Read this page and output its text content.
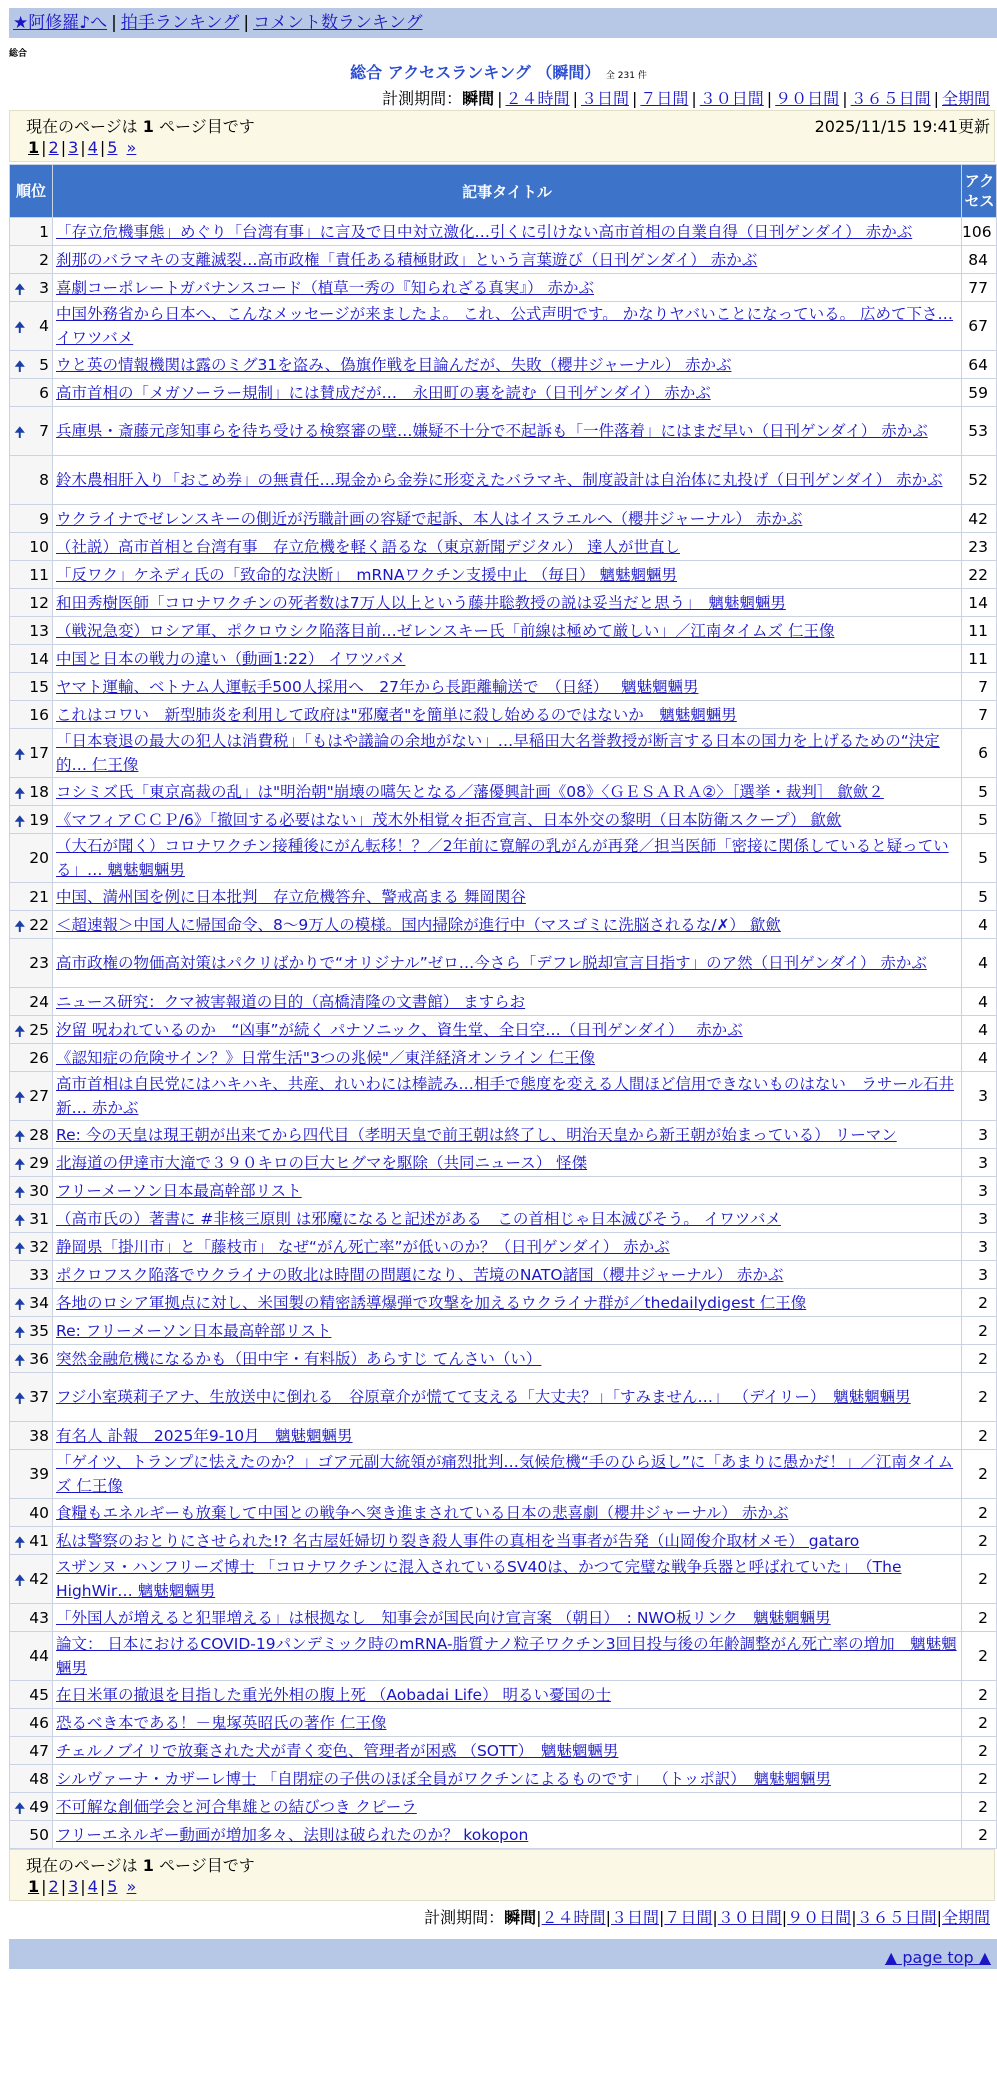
★阿修羅♪へ | 拍手ランキング | コメント数ランキング
総合
総合 アクセスランキング （瞬間） 全 231 件
計測期間：瞬間 | ２４時間 | ３日間 | ７日間 | ３０日間 | ９０日間 | ３６５日間 | 全期間
現在のページは 1 ページ目です	2025/11/15 19:41更新
1 | 2 | 3 | 4 | 5 »
順位	記事タイトル	アクセス
1	「存立危機事態」めぐり「台湾有事」に言及で日中対立激化…引くに引けない高市首相の自業自得（日刊ゲンダイ） 赤かぶ	106
2	刹那のバラマキの支離滅裂…高市政権「責任ある積極財政」という言葉遊び（日刊ゲンダイ） 赤かぶ	84

🠉 3	喜劇コーポレートガバナンスコード（植草一秀の『知られざる真実』） 赤かぶ	77

🠉 4	中国外務省から日本へ、こんなメッセージが来ましたよ。 これ、公式声明です。 かなりヤバいことになっている。 広めて下さ… イワツバメ	67

🠉 5	ウと英の情報機関は露のミグ31を盗み、偽旗作戦を目論んだが、失敗（櫻井ジャーナル） 赤かぶ	64
6	高市首相の「メガソーラー規制」には賛成だが…　永田町の裏を読む（日刊ゲンダイ） 赤かぶ	59

🠉 7	兵庫県・斎藤元彦知事らを待ち受ける検察審の壁…嫌疑不十分で不起訴も「一件落着」にはまだ早い（日刊ゲンダイ） 赤かぶ	53
8	鈴木農相肝入り「おこめ券」の無責任…現金から金券に形変えたバラマキ、制度設計は自治体に丸投げ（日刊ゲンダイ） 赤かぶ	52
9	ウクライナでゼレンスキーの側近が汚職計画の容疑で起訴、本人はイスラエルへ（櫻井ジャーナル） 赤かぶ	42
10	（社説）高市首相と台湾有事　存立危機を軽く語るな（東京新聞デジタル） 達人が世直し	23
11	「反ワク」ケネディ氏の「致命的な決断」　mRNAワクチン支援中止 （毎日） 魑魅魍魎男	22
12	和田秀樹医師「コロナワクチンの死者数は7万人以上という藤井聡教授の説は妥当だと思う」　魑魅魍魎男	14
13	（戦況急変）ロシア軍、ポクロウシク陥落目前…ゼレンスキー氏「前線は極めて厳しい」／江南タイムズ 仁王像	11
14	中国と日本の戦力の違い（動画1:22） イワツバメ	11
15	ヤマト運輸、ベトナム人運転手500人採用へ　27年から長距離輸送で　（日経）　 魑魅魍魎男	7
16	これはコワい　新型肺炎を利用して政府は"邪魔者"を簡単に殺し始めるのではないか　魑魅魍魎男	7

🠉 17	「日本衰退の最大の犯人は消費税」「もはや議論の余地がない」…早稲田大名誉教授が断言する日本の国力を上げるための“決定的… 仁王像	6

🠉 18	コシミズ氏「東京高裁の乱」は"明治朝"崩壊の嚆矢となる／藩優興計画《08》〈ＧＥＳＡＲＡ②〉［選挙・裁判］ 歙歛２	5

🠉 19	《マフィアＣＣＰ/6》「撤回する必要はない」茂木外相覚々拒否宣言、日本外交の黎明（日本防衛スクープ） 歙歛	5
20	（大石が聞く）コロナワクチン接種後にがん転移！？／2年前に寛解の乳がんが再発／担当医師「密接に関係していると疑っている」… 魑魅魍魎男	5
21	中国、満州国を例に日本批判　存立危機答弁、警戒高まる 舞岡関谷	5

🠉 22	＜超速報＞中国人に帰国命令、8〜9万人の模様。国内掃除が進行中（マスゴミに洗脳されるな/✗） 歙歛	4
23	高市政権の物価高対策はパクリばかりで“オリジナル”ゼロ…今さら「デフレ脱却宣言目指す」のア然（日刊ゲンダイ） 赤かぶ	4
24	ニュース研究：クマ被害報道の目的（高橋清隆の文書館） ますらお	4

🠉 25	汐留 呪われているのか　“凶事”が続く パナソニック、資生堂、全日空…（日刊ゲンダイ）　 赤かぶ	4
26	《認知症の危険サイン？》日常生活"3つの兆候"／東洋経済オンライン 仁王像	4

🠉 27	高市首相は自民党にはハキハキ、共産、れいわには棒読み…相手で態度を変える人間ほど信用できないものはない　ラサール石井 新… 赤かぶ	3

🠉 28	Re: 今の天皇は現王朝が出来てから四代目（孝明天皇で前王朝は終了し、明治天皇から新王朝が始まっている） リーマン	3

🠉 29	北海道の伊達市大滝で３９０キロの巨大ヒグマを駆除（共同ニュース） 怪傑	3

🠉 30	フリーメーソン日本最高幹部リスト	3

🠉 31	（高市氏の）著書に #非核三原則 は邪魔になると記述がある　この首相じゃ日本滅びそう。 イワツバメ	3

🠉 32	静岡県「掛川市」と「藤枝市」 なぜ“がん死亡率”が低いのか？（日刊ゲンダイ） 赤かぶ	3
33	ポクロフスク陥落でウクライナの敗北は時間の問題になり、苦境のNATO諸国（櫻井ジャーナル） 赤かぶ	3

🠉 34	各地のロシア軍拠点に対し、米国製の精密誘導爆弾で攻撃を加えるウクライナ群が／thedailydigest 仁王像	2

🠉 35	Re: フリーメーソン日本最高幹部リスト	2

🠉 36	突然金融危機になるかも（田中宇・有料版）あらすじ てんさい（い）	2

🠉 37	フジ小室瑛莉子アナ、生放送中に倒れる　谷原章介が慌てて支える「大丈夫？」「すみません…」 （デイリー）　魑魅魍魎男	2
38	有名人 訃報　2025年9-10月　魑魅魍魎男	2
39	「ゲイツ、トランプに怯えたのか？」ゴア元副大統領が痛烈批判…気候危機“手のひら返し”に「あまりに愚かだ！」／江南タイムズ 仁王像	2
40	食糧もエネルギーも放棄して中国との戦争へ突き進まされている日本の悲喜劇（櫻井ジャーナル） 赤かぶ	2

🠉 41	私は警察のおとりにさせられた!? 名古屋妊婦切り裂き殺人事件の真相を当事者が告発（山岡俊介取材メモ） gataro	2

🠉 42	スザンヌ・ハンフリーズ博士 「コロナワクチンに混入されているSV40は、かつて完璧な戦争兵器と呼ばれていた」　（The HighWir… 魑魅魍魎男	2
43	「外国人が増えると犯罪増える」は根拠なし　知事会が国民向け宣言案 （朝日）　: NWO板リンク　魑魅魍魎男	2
44	論文： 日本におけるCOVID-19パンデミック時のmRNA-脂質ナノ粒子ワクチン3回目投与後の年齢調整がん死亡率の増加　魑魅魍魎男	2
45	在日米軍の撤退を目指した重光外相の腹上死 （Aobadai Life） 明るい憂国の士	2
46	恐るべき本である！－鬼塚英昭氏の著作 仁王像	2
47	チェルノブイリで放棄された犬が青く変色、管理者が困惑 （SOTT）　魑魅魍魎男	2
48	シルヴァーナ・カザーレ博士 「自閉症の子供のほぼ全員がワクチンによるものです」 （トッポ訳）　魑魅魍魎男	2

🠉 49	不可解な創価学会と河合隼雄との結びつき クピーラ	2
50	フリーエネルギー動画が増加多々、法則は破られたのか？ kokopon	2
現在のページは 1 ページ目です
1 | 2 | 3 | 4 | 5 »
計測期間：瞬間|２４時間|３日間|７日間|３０日間|９０日間|３６５日間|全期間
▲ page top ▲
